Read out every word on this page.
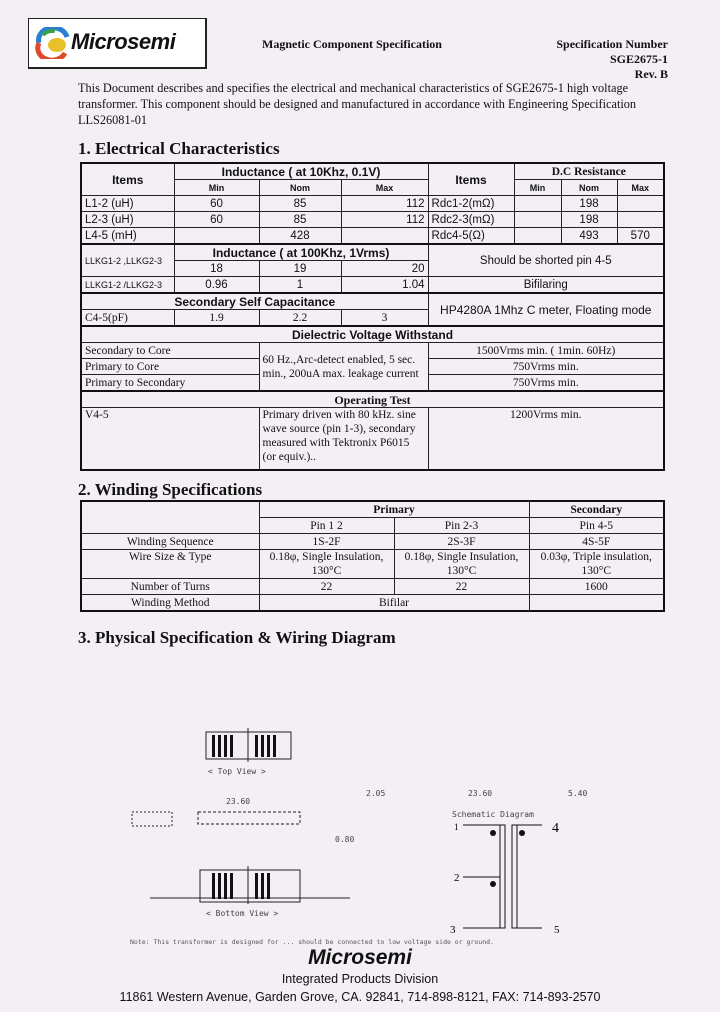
Microsemi	Magnetic Component Specification	Specification Number
SGE2675-1
Rev. B
This Document describes and specifies the electrical and mechanical characteristics of SGE2675-1 high voltage transformer. This component should be designed and manufactured in accordance with Engineering Specification LLS26081-01
1. Electrical Characteristics
Items	Inductance ( at 10Khz, 0.1V)			Items	D.C Resistance		
	Min	Nom	Max		Min	Nom	Max
L1-2 (uH)	60	85	112	Rdc1-2(mΩ)		198	
L2-3 (uH)	60	85	112	Rdc2-3(mΩ)		198	
L4-5 (mH)		428		Rdc4-5(Ω)		493	570
LLKG1-2 ,LLKG2-3	Inductance ( at 100Khz, 1Vrms)			Should be shorted pin 4-5			
	18	19	20				
LLKG1-2 /LLKG2-3	0.96	1	1.04	Bifilaring			
Secondary Self Capacitance				HP4280A 1Mhz C meter, Floating mode			
C4-5(pF)	1.9	2.2	3				
Dielectric Voltage Withstand							
Secondary to Core		60 Hz.,Arc-detect enabled, 5 sec. min., 200uA max. leakage current		1500Vrms min. ( 1min. 60Hz)			
Primary to Core				750Vrms min.			
Primary to Secondary				750Vrms min.			
Operating Test							
V4-5		Primary driven with 80 kHz. sine wave source (pin 1-3), secondary measured with Tektronix P6015 (or equiv.)..		1200Vrms min.			
2. Winding Specifications
	Primary		Secondary
	Pin 1 2	Pin 2-3	Pin 4-5
Winding Sequence	1S-2F	2S-3F	4S-5F
Wire Size & Type	0.18φ, Single Insulation, 130°C	0.18φ, Single Insulation, 130°C	0.03φ, Triple insulation, 130°C
Number of Turns	22	22	1600
Winding Method	Bifilar		
3. Physical Specification & Wiring Diagram
< Top View >
23.60
0.80
< Bottom View >
2.05	23.60	5.40
Schematic Diagram
1
2
3
4
5
Note: This transformer is designed for ... should be connected to low voltage side or ground.
Microsemi
Integrated Products Division
11861 Western Avenue, Garden Grove, CA. 92841, 714-898-8121, FAX: 714-893-2570
